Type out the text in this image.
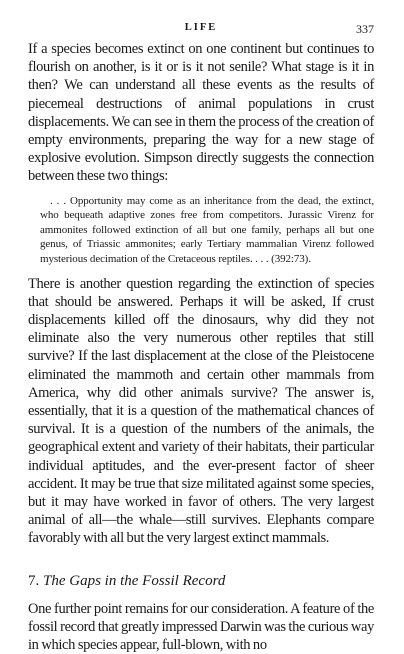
LIFE	337

If a species becomes extinct on one continent but continues to flourish on another, is it or is it not senile? What stage is it in then? We can understand all these events as the results of piecemeal destructions of animal populations in crust displacements. We can see in them the process of the creation of empty environments, preparing the way for a new stage of explosive evolution. Simpson directly suggests the connection between these two things:

. . . Opportunity may come as an inheritance from the dead, the extinct, who bequeath adaptive zones free from competitors. Jurassic Virenz for ammonites followed extinction of all but one family, perhaps all but one genus, of Triassic ammonites; early Tertiary mammalian Virenz followed mysterious decimation of the Cretaceous reptiles. . . . (392:73).

There is another question regarding the extinction of species that should be answered. Perhaps it will be asked, If crust displacements killed off the dinosaurs, why did they not eliminate also the very numerous other reptiles that still survive? If the last displacement at the close of the Pleistocene eliminated the mammoth and certain other mammals from America, why did other animals survive? The answer is, essentially, that it is a question of the mathematical chances of survival. It is a question of the numbers of the animals, the geographical extent and variety of their habitats, their particular individual aptitudes, and the ever-present factor of sheer accident. It may be true that size militated against some species, but it may have worked in favor of others. The very largest animal of all—the whale—still survives. Elephants compare favorably with all but the very largest extinct mammals.

7. The Gaps in the Fossil Record

One further point remains for our consideration. A feature of the fossil record that greatly impressed Darwin was the curious way in which species appear, full-blown, with no
